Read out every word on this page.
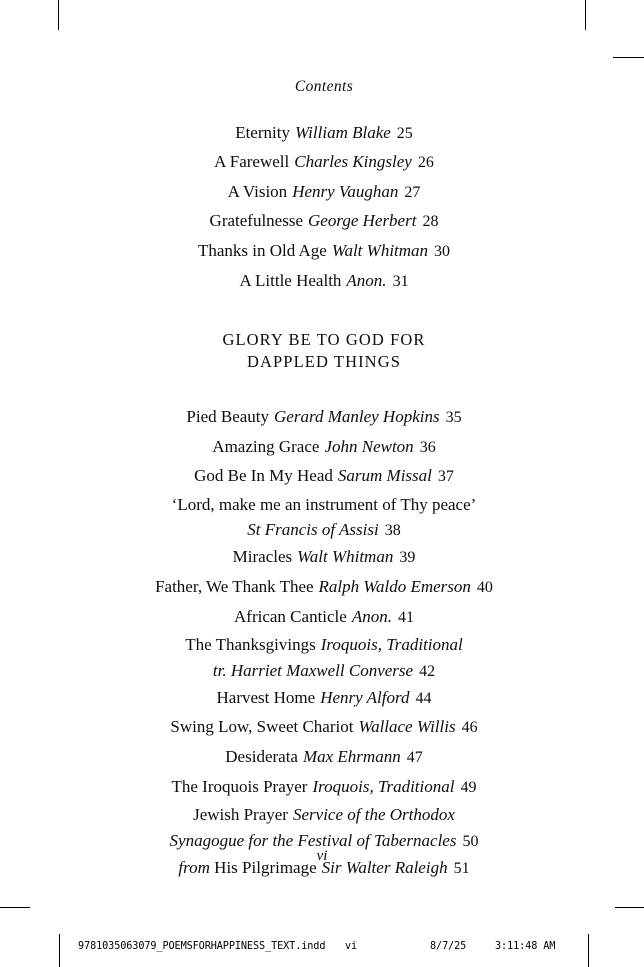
Contents
Eternity William Blake 25
A Farewell Charles Kingsley 26
A Vision Henry Vaughan 27
Gratefulnesse George Herbert 28
Thanks in Old Age Walt Whitman 30
A Little Health Anon. 31
GLORY BE TO GOD FOR
DAPPLED THINGS
Pied Beauty Gerard Manley Hopkins 35
Amazing Grace John Newton 36
God Be In My Head Sarum Missal 37
‘Lord, make me an instrument of Thy peace’
St Francis of Assisi 38
Miracles Walt Whitman 39
Father, We Thank Thee Ralph Waldo Emerson 40
African Canticle Anon. 41
The Thanksgivings Iroquois, Traditional
tr. Harriet Maxwell Converse 42
Harvest Home Henry Alford 44
Swing Low, Sweet Chariot Wallace Willis 46
Desiderata Max Ehrmann 47
The Iroquois Prayer Iroquois, Traditional 49
Jewish Prayer Service of the Orthodox
Synagogue for the Festival of Tabernacles 50
from His Pilgrimage Sir Walter Raleigh 51
vi
9781035063079_POEMSFORHAPPINESS_TEXT.indd vi	8/7/25	3:11:48 AM
